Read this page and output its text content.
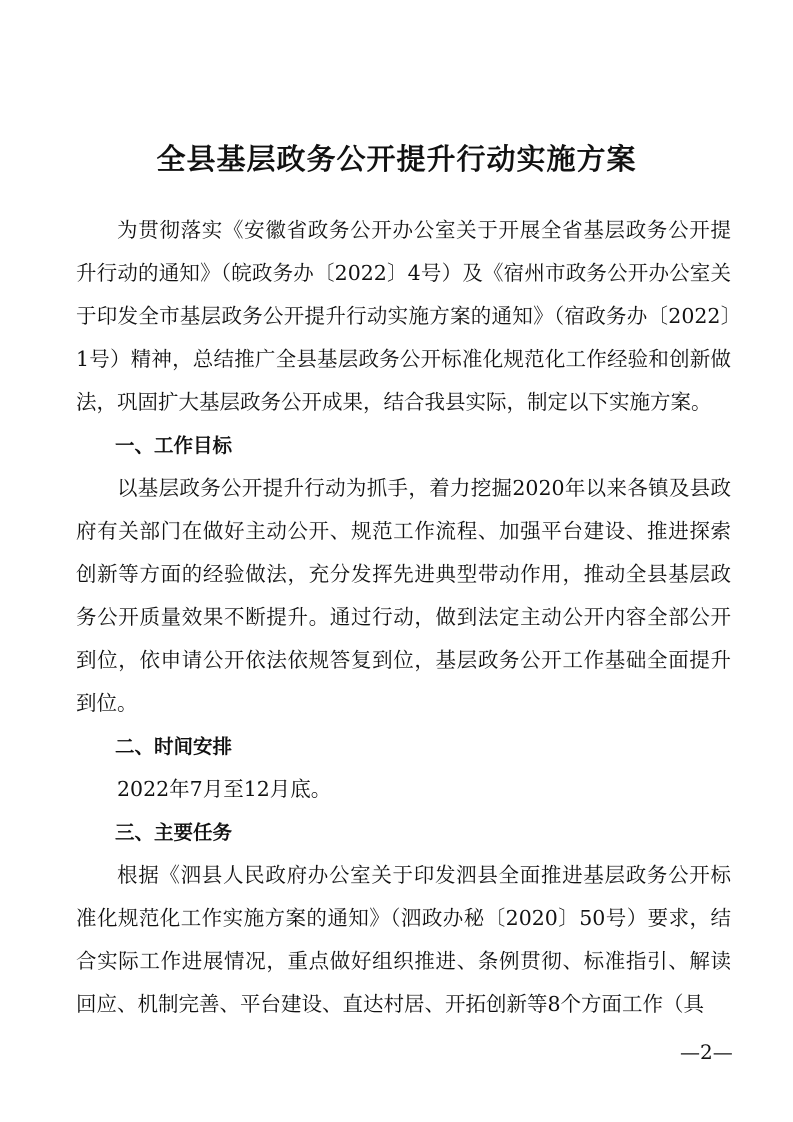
全县基层政务公开提升行动实施方案

为贯彻落实《安徽省政务公开办公室关于开展全省基层政务公开提升行动的通知》（皖政务办〔2022〕4号）及《宿州市政务公开办公室关于印发全市基层政务公开提升行动实施方案的通知》（宿政务办〔2022〕1号）精神，总结推广全县基层政务公开标准化规范化工作经验和创新做法，巩固扩大基层政务公开成果，结合我县实际，制定以下实施方案。

一、工作目标

以基层政务公开提升行动为抓手，着力挖掘2020年以来各镇及县政府有关部门在做好主动公开、规范工作流程、加强平台建设、推进探索创新等方面的经验做法，充分发挥先进典型带动作用，推动全县基层政务公开质量效果不断提升。通过行动，做到法定主动公开内容全部公开到位，依申请公开依法依规答复到位，基层政务公开工作基础全面提升到位。

二、时间安排

2022年7月至12月底。

三、主要任务

根据《泗县人民政府办公室关于印发泗县全面推进基层政务公开标准化规范化工作实施方案的通知》（泗政办秘〔2020〕50号）要求，结合实际工作进展情况，重点做好组织推进、条例贯彻、标准指引、解读回应、机制完善、平台建设、直达村居、开拓创新等8个方面工作（具

—2—
